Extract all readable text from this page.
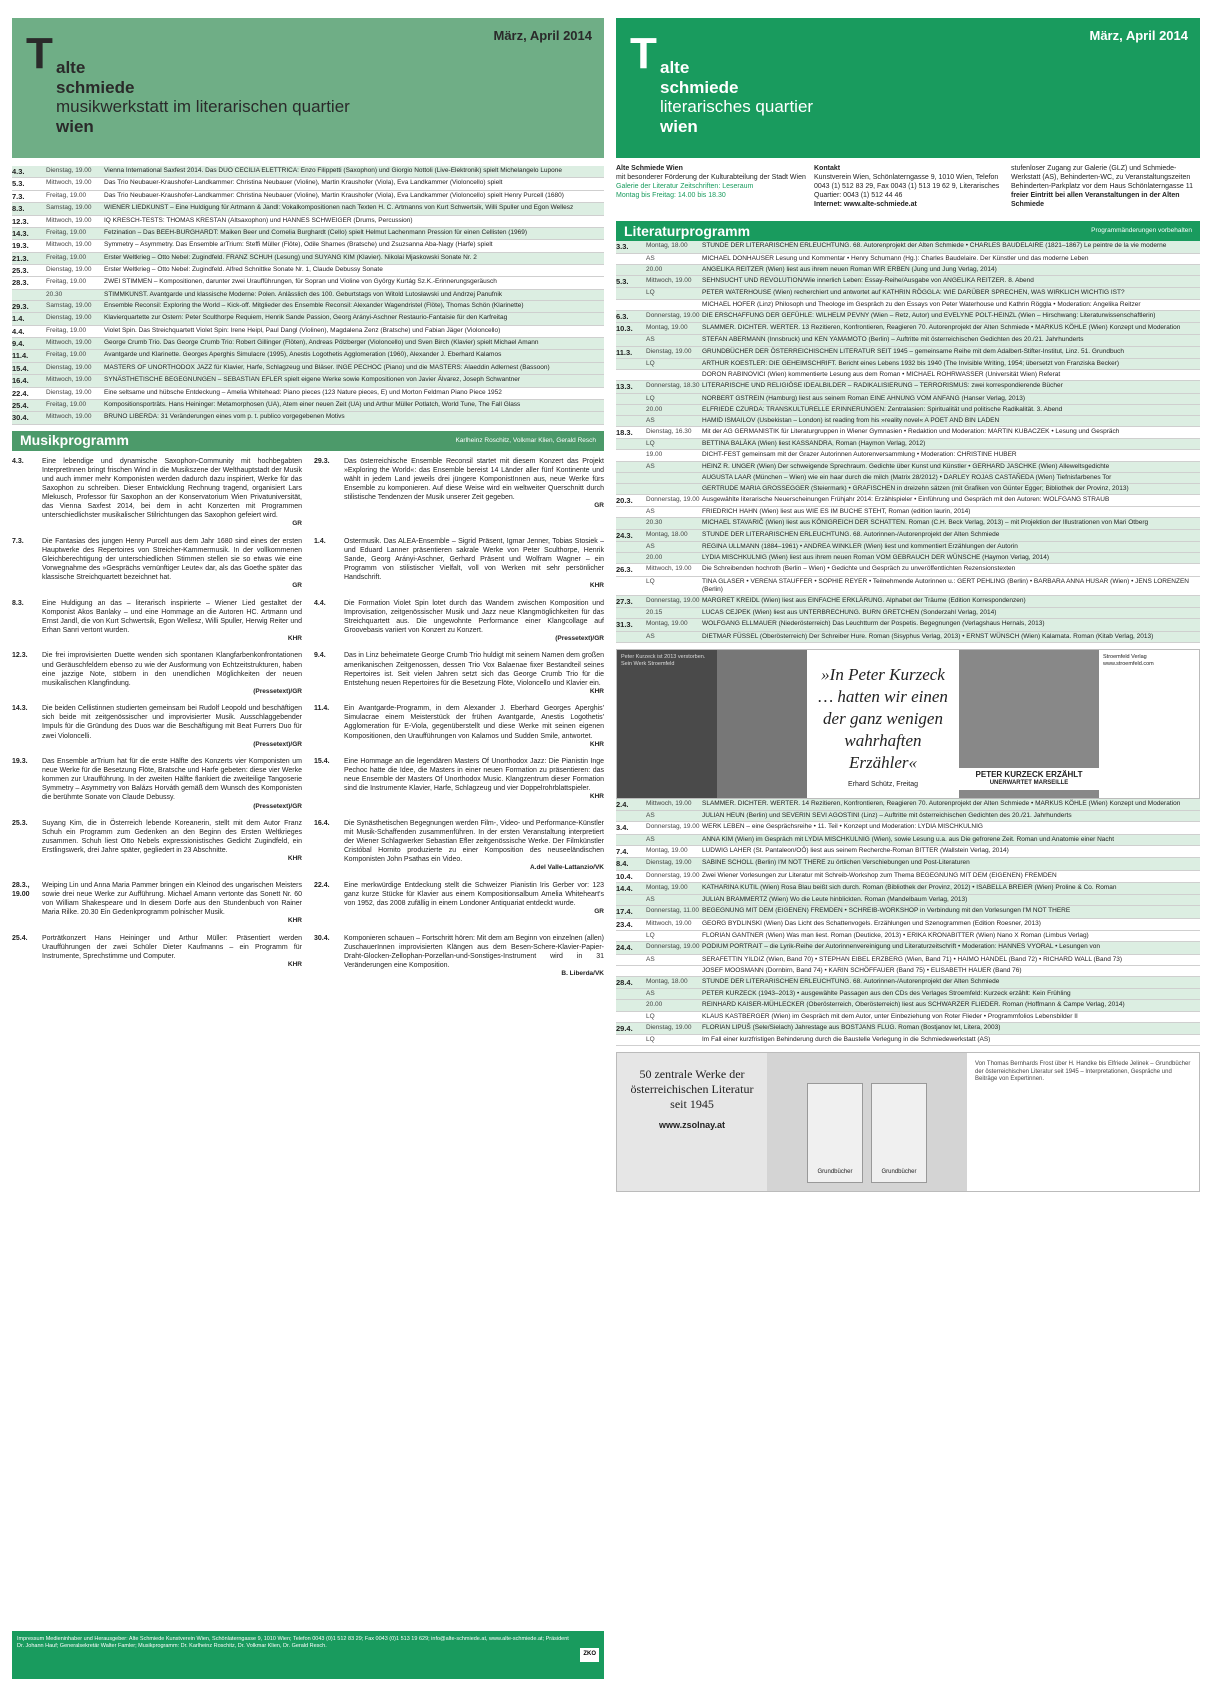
März, April 2014
T alte
schmiede
musikwerkstatt im literarischen quartier
wien
4.3.	Dienstag, 19.00	Vienna International Saxfest 2014. Das DUO CECILIA ELETTRICA: Enzo Filippetti (Saxophon) und Giorgio Nottoli (Live-Elektronik) spielt Michelangelo Lupone
5.3.	Mittwoch, 19.00	Das Trio Neubauer-Kraushofer-Landkammer: Christina Neubauer (Violine), Martin Kraushofer (Viola), Eva Landkammer (Violoncello) spielt
7.3.	Freitag, 19.00	Das Trio Neubauer-Kraushofer-Landkammer: Christina Neubauer (Violine), Martin Kraushofer (Viola), Eva Landkammer (Violoncello) spielt Henry Purcell (1680)
8.3.	Samstag, 19.00	WIENER LIEDKUNST – Eine Huldigung für Artmann & Jandl: Vokalkompositionen nach Texten H. C. Artmanns von Kurt Schwertsik, Willi Spuller und Egon Wellesz
12.3.	Mittwoch, 19.00	IQ KRESCH-TESTS: THOMAS KRESTAN (Altsaxophon) und HANNES SCHWEIGER (Drums, Percussion)
14.3.	Freitag, 19.00	Fetzination – Das BEEH-BURGHARDT: Maiken Beer und Cornelia Burghardt (Cello) spielt Helmut Lachenmann Pression für einen Cellisten (1969)
19.3.	Mittwoch, 19.00	Symmetry – Asymmetry. Das Ensemble arTrium: Steffi Müller (Flöte), Odile Sharnes (Bratsche) und Zsuzsanna Aba-Nagy (Harfe) spielt
21.3.	Freitag, 19.00	Erster Weltkrieg – Otto Nebel: Zugindfeld. FRANZ SCHUH (Lesung) und SUYANG KIM (Klavier). Nikolai Mjaskowski Sonate Nr. 2
25.3.	Dienstag, 19.00	Erster Weltkrieg – Otto Nebel: Zugindfeld. Alfred Schnittke Sonate Nr. 1, Claude Debussy Sonate
28.3.	Freitag, 19.00	ZWEI STIMMEN – Kompositionen, darunter zwei Uraufführungen, für Sopran und Violine von György Kurtág Sz.K.-Erinnerungsgeräusch
20.30	STIMMKUNST. Avantgarde und klassische Moderne: Polen. Anlässlich des 100. Geburtstags von Witold Lutosławski und Andrzej Panufnik
29.3.	Samstag, 19.00	Ensemble Reconsil: Exploring the World – Kick-off. Mitglieder des Ensemble Reconsil: Alexander Wagendristel (Flöte), Thomas Schön (Klarinette)
1.4.	Dienstag, 19.00	Klavierquartette zur Ostern: Peter Sculthorpe Requiem, Henrik Sande Passion, Georg Arányi-Aschner Restaurio-Fantaisie für den Karfreitag
4.4.	Freitag, 19.00	Violet Spin. Das Streichquartett Violet Spin: Irene Heipl, Paul Dangl (Violinen), Magdalena Zenz (Bratsche) und Fabian Jäger (Violoncello)
9.4.	Mittwoch, 19.00	George Crumb Trio. Das George Crumb Trio: Robert Gillinger (Flöten), Andreas Pölzberger (Violoncello) und Sven Birch (Klavier) spielt Michael Amann
11.4.	Freitag, 19.00	Avantgarde und Klarinette. Georges Aperghis Simulacre (1995), Anestis Logothetis Agglomeration (1960), Alexander J. Eberhard Kalamos
15.4.	Dienstag, 19.00	MASTERS OF UNORTHODOX JAZZ für Klavier, Harfe, Schlagzeug und Bläser. INGE PECHOC (Piano) und die MASTERS: Alaeddin Adlernest (Bassoon)
16.4.	Mittwoch, 19.00	SYNÄSTHETISCHE BEGEGNUNGEN – SEBASTIAN EFLER spielt eigene Werke sowie Kompositionen von Javier Álvarez, Joseph Schwantner
22.4.	Dienstag, 19.00	Eine seltsame und hübsche Entdeckung – Amelia Whitehead: Piano pieces (123 Nature pieces, E) und Morton Feldman Piano Piece 1952
25.4.	Freitag, 19.00	Kompositionsporträts. Hans Heininger: Metamorphosen (UA), Atem einer neuen Zeit (UA) und Arthur Müller Potlatch, World Tune, The Fall Glass
30.4.	Mittwoch, 19.00	BRUNO LIBERDA: 31 Veränderungen eines vom p. t. publico vorgegebenen Motivs
Musikprogramm	Karlheinz Roschitz, Volkmar Klien, Gerald Resch
4.3.	Eine lebendige und dynamische Saxophon-Community mit hochbegabten InterpretInnen bringt frischen Wind in die Musikszene der Welthauptstadt der Musik und auch immer mehr Komponisten werden dadurch dazu inspiriert, Werke für das Saxophon zu schreiben. Dieser Entwicklung Rechnung tragend, organisiert Lars Mlekusch, Professor für Saxophon an der Konservatorium Wien Privatuniversität, das Vienna Saxfest 2014, bei dem in acht Konzerten mit Programmen unterschiedlichster musikalischer Stilrichtungen das Saxophon gefeiert wird.
GR
29.3.	Das österreichische Ensemble Reconsil startet mit diesem Konzert das Projekt »Exploring the World«: das Ensemble bereist 14 Länder aller fünf Kontinente und wählt in jedem Land jeweils drei jüngere KomponistInnen aus, neue Werke fürs Ensemble zu komponieren. Auf diese Weise wird ein weltweiter Querschnitt durch stilistische Tendenzen der Musik unserer Zeit gegeben.
GR
7.3.	Die Fantasias des jungen Henry Purcell aus dem Jahr 1680 sind eines der ersten Hauptwerke des Repertoires von Streicher-Kammermusik. In der vollkommenen Gleichberechtigung der unterschiedlichen Stimmen stellen sie so etwas wie eine Vorwegnahme des »Gesprächs vernünftiger Leute« dar, als das Goethe später das klassische Streichquartett bezeichnet hat.
GR
1.4.	Ostermusik. Das ALEA-Ensemble – Sigrid Präsent, Igmar Jenner, Tobias Stosiek – und Eduard Lanner präsentieren sakrale Werke von Peter Sculthorpe, Henrik Sande, Georg Arányi-Aschner, Gerhard Präsent und Wolfram Wagner – ein Programm von stilistischer Vielfalt, voll von Werken mit sehr persönlicher Handschrift.
KHR
8.3.	Eine Huldigung an das – literarisch inspirierte – Wiener Lied gestaltet der Komponist Akos Banlaky – und eine Hommage an die Autoren HC. Artmann und Ernst Jandl, die von Kurt Schwertsik, Egon Wellesz, Willi Spuller, Herwig Reiter und Erhan Sanri vertont wurden.
KHR
4.4.	Die Formation Violet Spin lotet durch das Wandern zwischen Komposition und Improvisation, zeitgenössischer Musik und Jazz neue Klangmöglichkeiten für das Streichquartett aus. Die ungewohnte Performance einer Klangcollage auf Groovebasis variiert von Konzert zu Konzert.
(Pressetext)/GR
12.3.	Die frei improvisierten Duette wenden sich spontanen Klangfarbenkonfrontationen und Geräuschfeldern ebenso zu wie der Ausformung von Echtzeitstrukturen, haben eine jazzige Note, stöbern in den unendlichen Möglichkeiten der neuen musikalischen Klangfindung.
(Pressetext)/GR
9.4.	Das in Linz beheimatete George Crumb Trio huldigt mit seinem Namen dem großen amerikanischen Zeitgenossen, dessen Trio Vox Balaenae fixer Bestandteil seines Repertoires ist. Seit vielen Jahren setzt sich das George Crumb Trio für die Entstehung neuen Repertoires für die Besetzung Flöte, Violoncello und Klavier ein.
KHR
14.3.	Die beiden Cellistinnen studierten gemeinsam bei Rudolf Leopold und beschäftigen sich beide mit zeitgenössischer und improvisierter Musik. Ausschlaggebender Impuls für die Gründung des Duos war die Beschäftigung mit Beat Furrers Duo für zwei Violoncelli.
(Pressetext)/GR
11.4.	Ein Avantgarde-Programm, in dem Alexander J. Eberhard Georges Aperghis' Simulacrae einem Meisterstück der frühen Avantgarde, Anestis Logothetis' Agglomeration für E-Viola, gegenüberstellt und diese Werke mit seinen eigenen Kompositionen, den Uraufführungen von Kalamos und Sudden Smile, antwortet.
KHR
19.3.	Das Ensemble arTrium hat für die erste Hälfte des Konzerts vier Komponisten um neue Werke für die Besetzung Flöte, Bratsche und Harfe gebeten: diese vier Werke kommen zur Uraufführung. In der zweiten Hälfte flankiert die zweiteilige Tangoserie Symmetry – Asymmetry von Balázs Horváth gemäß dem Wunsch des Komponisten die berühmte Sonate von Claude Debussy.
(Pressetext)/GR
15.4.	Eine Hommage an die legendären Masters Of Unorthodox Jazz: Die Pianistin Inge Pechoc hatte die Idee, die Masters in einer neuen Formation zu präsentieren: das neue Ensemble der Masters Of Unorthodox Music. Klangzentrum dieser Formation sind die Instrumente Klavier, Harfe, Schlagzeug und vier Doppelrohrblattspieler.
KHR
25.3.	Suyang Kim, die in Österreich lebende Koreanerin, stellt mit dem Autor Franz Schuh ein Programm zum Gedenken an den Beginn des Ersten Weltkrieges zusammen. Schuh liest Otto Nebels expressionistisches Gedicht Zugindfeld, ein Erstlingswerk, drei Jahre später, gegliedert in 23 Abschnitte.
KHR
16.4.	Die Synästhetischen Begegnungen werden Film-, Video- und Performance-Künstler mit Musik-Schaffenden zusammenführen. In der ersten Veranstaltung interpretiert der Wiener Schlagwerker Sebastian Efler zeitgenössische Werke. Der Filmkünstler Cristóbal Hornito produzierte zu einer Komposition des neuseeländischen Komponisten John Psathas ein Video.
A.del Valle-Lattanzio/VK
28.3., 19.00
Weiping Lin und Anna Maria Pammer bringen ein Kleinod des ungarischen Meisters sowie drei neue Werke zur Aufführung. Michael Amann vertonte das Sonett Nr. 60 von William Shakespeare und In diesem Dorfe aus den Stundenbuch von Rainer Maria Rilke. 20.30 Ein Gedenkprogramm polnischer Musik.
KHR
22.4.	Eine merkwürdige Entdeckung stellt die Schweizer Pianistin Iris Gerber vor: 123 ganz kurze Stücke für Klavier aus einem Kompositionsalbum Amelia Whiteheart's von 1952, das 2008 zufällig in einem Londoner Antiquariat entdeckt wurde.
GR
25.4.	Porträtkonzert Hans Heininger und Arthur Müller: Präsentiert werden Uraufführungen der zwei Schüler Dieter Kaufmanns – ein Programm für Instrumente, Sprechstimme und Computer.
KHR
30.4.	Komponieren schauen – Fortschritt hören: Mit dem am Beginn von einzelnen (allen) ZuschauerInnen improvisierten Klängen aus dem Besen-Schere-Klavier-Papier-Draht-Glocken-Zellophan-Porzellan-und-Sonstiges-Instrument wird in 31 Veränderungen eine Komposition.
B. Liberda/VK
Impressum Medieninhaber und Herausgeber: Alte Schmiede Kunstverein Wien, Schönlaterngasse 9, 1010 Wien; Telefon 0043 (0)1 512 83 29; Fax 0043 (0)1 513 19 629; info@alte-schmiede.at, www.alte-schmiede.at; Präsident Dr. Johann Hauf; Generalsekretär Walter Famler; Musikprogramm: Dr. Karlheinz Roschitz, Dr. Volkmar Klien, Dr. Gerald Resch.
ZKO
März, April 2014
T alte
schmiede
literarisches quartier
wien
Alte Schmiede Wien
mit besonderer Förderung der Kulturabteilung der Stadt Wien
Galerie der Literatur Zeitschriften: Leseraum
Montag bis Freitag: 14.00 bis 18.30
Kontakt
Kunstverein Wien, Schönlaterngasse 9, 1010 Wien, Telefon 0043 (1) 512 83 29, Fax 0043 (1) 513 19 62 9, Literarisches Quartier: 0043 (1) 512 44 46
Internet: www.alte-schmiede.at
stufenloser Zugang zur Galerie (GLZ) und Schmiede-Werkstatt (AS), Behinderten-WC, zu Veranstaltungszeiten Behinderten-Parkplatz vor dem Haus Schönlaterngasse 11
freier Eintritt bei allen Veranstaltungen in der Alten Schmiede
Literaturprogramm	Programmänderungen vorbehalten
3.3.	Montag, 18.00	STUNDE DER LITERARISCHEN ERLEUCHTUNG. 68. Autorenprojekt der Alten Schmiede • CHARLES BAUDELAIRE (1821–1867) Le peintre de la vie moderne
AS	MICHAEL DONHAUSER Lesung und Kommentar • Henry Schumann (Hg.): Charles Baudelaire. Der Künstler und das moderne Leben
20.00	ANGELIKA REITZER (Wien) liest aus ihrem neuen Roman WIR ERBEN (Jung und Jung Verlag, 2014)
5.3.	Mittwoch, 19.00	SEHNSUCHT UND REVOLUTION/Wie innerlich Leben: Essay-Reihe/Ausgabe von ANGELIKA REITZER. 8. Abend
LQ	PETER WATERHOUSE (Wien) recherchiert und antwortet auf KATHRIN RÖGGLA: WIE DARÜBER SPRECHEN, WAS WIRKLICH WICHTIG IST?
MICHAEL HOFER (Linz) Philosoph und Theologe im Gespräch zu den Essays von Peter Waterhouse und Kathrin Röggla • Moderation: Angelika Reitzer
6.3.	Donnerstag, 19.00 DIE ERSCHAFFUNG DER GEFÜHLE: WILHELM PEVNY (Wien – Retz, Autor) und EVELYNE POLT-HEINZL (Wien – Hirschwang: Literaturwissenschaftlerin)
10.3.	Montag, 19.00	SLAMMER. DICHTER. WERTER. 13 Rezitieren, Konfrontieren, Reagieren 70. Autorenprojekt der Alten Schmiede • MARKUS KÖHLE (Wien) Konzept und Moderation
AS	STEFAN ABERMANN (Innsbruck) und KEN YAMAMOTO (Berlin) – Auftritte mit österreichischen Gedichten des 20./21. Jahrhunderts
11.3.	Dienstag, 19.00	GRUNDBÜCHER DER ÖSTERREICHISCHEN LITERATUR SEIT 1945 – gemeinsame Reihe mit dem Adalbert-Stifter-Institut, Linz. 51. Grundbuch
LQ	ARTHUR KOESTLER: DIE GEHEIMSCHRIFT. Bericht eines Lebens 1932 bis 1940 (The Invisible Writing, 1954; übersetzt von Franziska Becker)
DORON RABINOVICI (Wien) kommentierte Lesung aus dem Roman • MICHAEL ROHRWASSER (Universität Wien) Referat
13.3.	Donnerstag, 18.30 LITERARISCHE UND RELIGIÖSE IDEALBILDER – RADIKALISIERUNG – TERRORISMUS: zwei korrespondierende Bücher
LQ	NORBERT GSTREIN (Hamburg) liest aus seinem Roman EINE AHNUNG VOM ANFANG (Hanser Verlag, 2013)
20.00	ELFRIEDE CZURDA: TRANSKULTURELLE ERINNERUNGEN: Zentralasien: Spiritualität und politische Radikalität. 3. Abend
AS	HAMID ISMAILOV (Usbekistan – London) ist reading from his »reality novel« A POET AND BIN LADEN
18.3.	Dienstag, 16.30	Mit der AG GERMANISTIK für Literaturgruppen in Wiener Gymnasien • Redaktion und Moderation: MARTIN KUBACZEK • Lesung und Gespräch
LQ	BETTINA BALÀKA (Wien) liest KASSANDRA, Roman (Haymon Verlag, 2012)
19.00	DICHT-FEST gemeinsam mit der Grazer Autorinnen Autorenversammlung • Moderation: CHRISTINE HUBER
AS	HEINZ R. UNGER (Wien) Der schweigende Sprechraum. Gedichte über Kunst und Künstler • GERHARD JASCHKE (Wien) Alleweltsgedichte
AUGUSTA LAAR (München – Wien) wie ein haar durch die milch (Matrix 28/2012) • DARLEY ROJAS CASTAÑEDA (Wien) Tiefnisfarbenes Tor
GERTRUDE MARIA GROSSEGGER (Steiermark) • GRAFISCHEN in dreizehn sätzen (mit Grafiken von Günter Egger; Bibliothek der Provinz, 2013)
20.3.	Donnerstag, 19.00 Ausgewählte literarische Neuerscheinungen Frühjahr 2014: Erzählspieler • Einführung und Gespräch mit den Autoren: WOLFGANG STRAUB
AS	FRIEDRICH HAHN (Wien) liest aus WIE ES IM BUCHE STEHT, Roman (edition laurin, 2014)
20.30	MICHAEL STAVARIČ (Wien) liest aus KÖNIGREICH DER SCHATTEN. Roman (C.H. Beck Verlag, 2013) – mit Projektion der Illustrationen von Mari Otberg
24.3.	Montag, 18.00	STUNDE DER LITERARISCHEN ERLEUCHTUNG. 68. Autorinnen-/Autorenprojekt der Alten Schmiede
AS	REGINA ULLMANN (1884–1961) • ANDREA WINKLER (Wien) liest und kommentiert Erzählungen der Autorin
20.00	LYDIA MISCHKULNIG (Wien) liest aus ihrem neuen Roman VOM GEBRAUCH DER WÜNSCHE (Haymon Verlag, 2014)
26.3.	Mittwoch, 19.00	Die Schreibenden hochroth (Berlin – Wien) • Gedichte und Gespräch zu unveröffentlichten Rezensionstexten
LQ	TINA GLASER • VERENA STAUFFER • SOPHIE REYER • Teilnehmende Autorinnen u.: GERT PEHLING (Berlin) • BARBARA ANNA HUSAR (Wien) • JENS LORENZEN (Berlin)
27.3.	Donnerstag, 19.00 MARGRET KREIDL (Wien) liest aus EINFACHE ERKLÄRUNG. Alphabet der Träume (Edition Korrespondenzen)
20.15	LUCAS CEJPEK (Wien) liest aus UNTERBRECHUNG. BURN GRETCHEN (Sonderzahl Verlag, 2014)
31.3.	Montag, 19.00	WOLFGANG ELLMAUER (Niederösterreich) Das Leuchtturm der Pospetis. Begegnungen (Verlagshaus Hernals, 2013)
AS	DIETMAR FÜSSEL (Oberösterreich) Der Schreiber Hure. Roman (Sisyphus Verlag, 2013) • ERNST WÜNSCH (Wien) Kalamata. Roman (Kitab Verlag, 2013)
Peter Kurzeck ist 2013 verstorben. Sein Werk Stroemfeld
»In Peter Kurzeck … hatten wir einen der ganz wenigen wahrhaften Erzähler«
Erhard Schütz, Freitag
PETER KURZECK ERZÄHLT
UNERWARTET MARSEILLE
Stroemfeld Verlag www.stroemfeld.com
2.4.	Mittwoch, 19.00	SLAMMER. DICHTER. WERTER. 14 Rezitieren, Konfrontieren, Reagieren 70. Autorenprojekt der Alten Schmiede • MARKUS KÖHLE (Wien) Konzept und Moderation
AS	JULIAN HEUN (Berlin) und SEVERIN SEVI AGOSTINI (Linz) – Auftritte mit österreichischen Gedichten des 20./21. Jahrhunderts
3.4.	Donnerstag, 19.00 WERK LEBEN – eine Gesprächsreihe • 11. Teil • Konzept und Moderation: LYDIA MISCHKULNIG
AS	ANNA KIM (Wien) im Gespräch mit LYDIA MISCHKULNIG (Wien), sowie Lesung u.a. aus Die gefrorene Zeit. Roman und Anatomie einer Nacht
7.4.	Montag, 19.00	LUDWIG LAHER (St. Pantaleon/OÖ) liest aus seinem Recherche-Roman BITTER (Wallstein Verlag, 2014)
8.4.	Dienstag, 19.00	SABINE SCHOLL (Berlin) I'M NOT THERE zu örtlichen Verschiebungen und Post-Literaturen
10.4.	Donnerstag, 19.00 Zwei Wiener Vorlesungen zur Literatur mit Schreib-Workshop zum Thema BEGEGNUNG MIT DEM (EIGENEN) FREMDEN
14.4.	Montag, 19.00	KATHARINA KUTIL (Wien) Rosa Blau beißt sich durch. Roman (Bibliothek der Provinz, 2012) • ISABELLA BREIER (Wien) Proline & Co. Roman
AS	JULIAN BRAMMERTZ (Wien) Wo die Leute hinblickten. Roman (Mandelbaum Verlag, 2013)
17.4.	Donnerstag, 11.00 BEGEGNUNG MIT DEM (EIGENEN) FREMDEN • SCHREIB-WORKSHOP in Verbindung mit den Vorlesungen I'M NOT THERE
23.4.	Mittwoch, 19.00	GEORG BYDLINSKI (Wien) Das Licht des Schattenvogels. Erzählungen und Szenogrammen (Edition Roesner, 2013)
LQ	FLORIAN GANTNER (Wien) Was man liest. Roman (Deuticke, 2013) • ERIKA KRONABITTER (Wien) Nano X Roman (Limbus Verlag)
24.4.	Donnerstag, 19.00 PODIUM PORTRAIT – die Lyrik-Reihe der Autorinnenvereinigung und Literaturzeitschrift • Moderation: HANNES VYORAL • Lesungen von
AS	SERAFETTIN YILDIZ (Wien, Band 70) • STEPHAN EIBEL ERZBERG (Wien, Band 71) • HAIMO HANDEL (Band 72) • RICHARD WALL (Band 73)
JOSEF MOOSMANN (Dornbirn, Band 74) • KARIN SCHÖFFAUER (Band 75) • ELISABETH HAUER (Band 76)
28.4.	Montag, 18.00	STUNDE DER LITERARISCHEN ERLEUCHTUNG. 68. Autorinnen-/Autorenprojekt der Alten Schmiede
AS	PETER KURZECK (1943–2013) • ausgewählte Passagen aus den CDs des Verlages Stroemfeld: Kurzeck erzählt: Kein Frühling
20.00	REINHARD KAISER-MÜHLECKER (Oberösterreich, Oberösterreich) liest aus SCHWARZER FLIEDER. Roman (Hoffmann & Campe Verlag, 2014)
LQ	KLAUS KASTBERGER (Wien) im Gespräch mit dem Autor, unter Einbeziehung von Roter Flieder • Programmfolios Lebensbilder II
29.4.	Dienstag, 19.00	FLORIAN LIPUŠ (Sele/Sielach) Jahrestage aus BOSTJANS FLUG. Roman (Bostjanov let, Litera, 2003)
LQ	Im Fall einer kurzfristigen Behinderung durch die Baustelle Verlegung in die Schmiedewerkstatt (AS)
50 zentrale Werke der österreichischen Literatur seit 1945
www.zsolnay.at
Grundbücher	Grundbücher
Von Thomas Bernhards Frost über H. Handke bis Elfriede Jelinek – Grundbücher der österreichischen Literatur seit 1945 – Interpretationen, Gespräche und Beiträge von Expertinnen.
